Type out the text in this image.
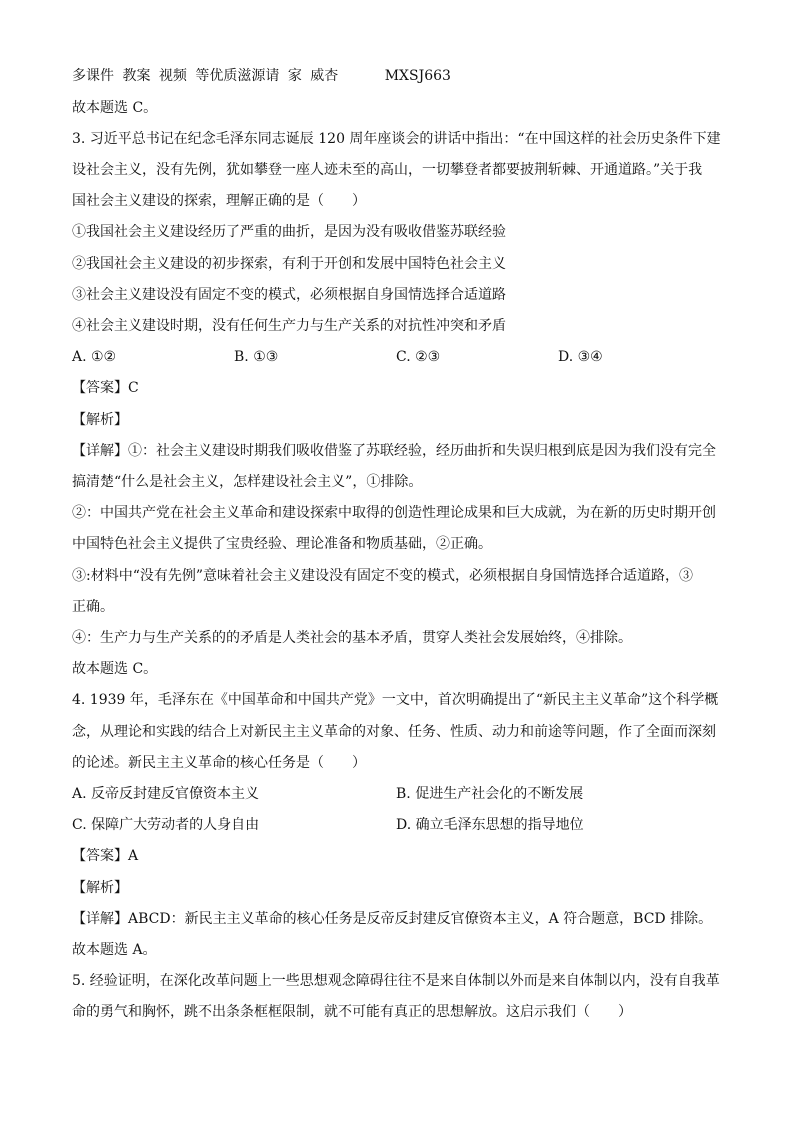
多课件 教案 视频 等优质滋源请 家 威杏	MXSJ663
故本题选 C。
3. 习近平总书记在纪念毛泽东同志诞辰 120 周年座谈会的讲话中指出：“在中国这样的社会历史条件下建
设社会主义，没有先例，犹如攀登一座人迹未至的高山，一切攀登者都要披荆斩棘、开通道路。”关于我
国社会主义建设的探索，理解正确的是（　　）
①我国社会主义建设经历了严重的曲折，是因为没有吸收借鉴苏联经验
②我国社会主义建设的初步探索，有利于开创和发展中国特色社会主义
③社会主义建设没有固定不变的模式，必须根据自身国情选择合适道路
④社会主义建设时期，没有任何生产力与生产关系的对抗性冲突和矛盾
A. ①②	B. ①③	C. ②③	D. ③④
【答案】C
【解析】
【详解】①：社会主义建设时期我们吸收借鉴了苏联经验，经历曲折和失误归根到底是因为我们没有完全
搞清楚“什么是社会主义，怎样建设社会主义”，①排除。
②：中国共产党在社会主义革命和建设探索中取得的创造性理论成果和巨大成就，为在新的历史时期开创
中国特色社会主义提供了宝贵经验、理论准备和物质基础，②正确。
③:材料中“没有先例”意味着社会主义建设没有固定不变的模式，必须根据自身国情选择合适道路，③
正确。
④：生产力与生产关系的的矛盾是人类社会的基本矛盾，贯穿人类社会发展始终，④排除。
故本题选 C。
4. 1939 年，毛泽东在《中国革命和中国共产党》一文中，首次明确提出了“新民主主义革命”这个科学概
念，从理论和实践的结合上对新民主主义革命的对象、任务、性质、动力和前途等问题，作了全面而深刻
的论述。新民主主义革命的核心任务是（　　）
A. 反帝反封建反官僚资本主义	B. 促进生产社会化的不断发展
C. 保障广大劳动者的人身自由	D. 确立毛泽东思想的指导地位
【答案】A
【解析】
【详解】ABCD：新民主主义革命的核心任务是反帝反封建反官僚资本主义，A 符合题意，BCD 排除。
故本题选 A。
5. 经验证明，在深化改革问题上一些思想观念障碍往往不是来自体制以外而是来自体制以内，没有自我革
命的勇气和胸怀，跳不出条条框框限制，就不可能有真正的思想解放。这启示我们（　　）
